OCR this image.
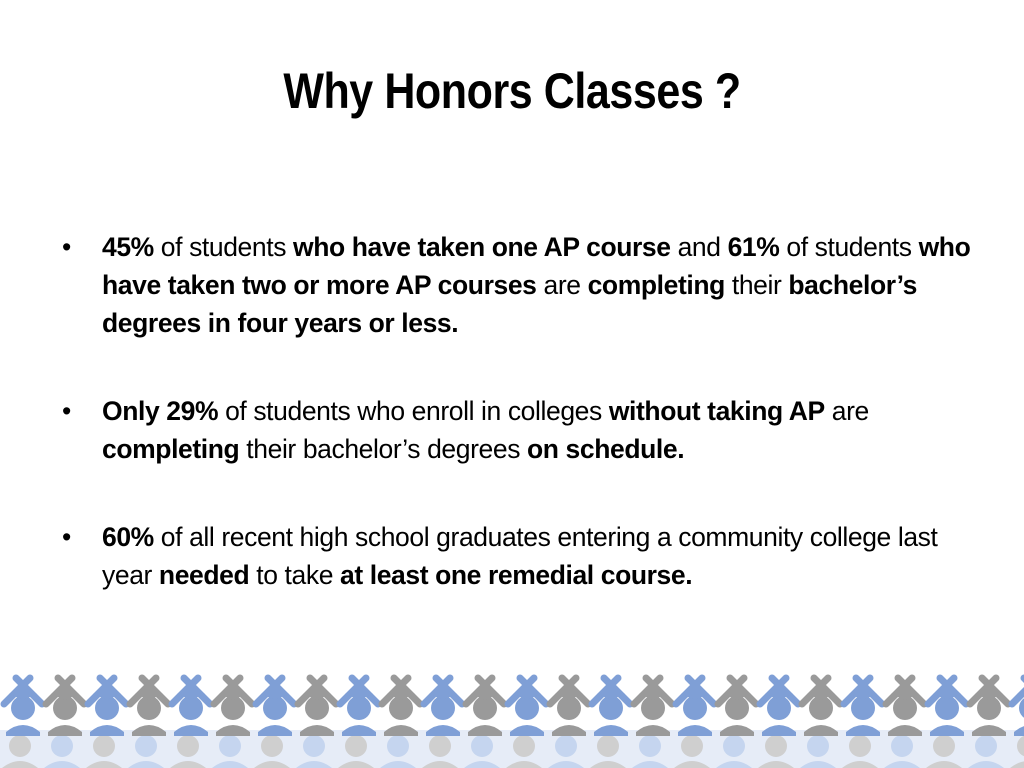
Why Honors Classes ?
• 45% of students who have taken one AP course and 61% of students who have taken two or more AP courses are completing their bachelor’s degrees in four years or less.
• Only 29% of students who enroll in colleges without taking AP are completing their bachelor’s degrees on schedule.
• 60% of all recent high school graduates entering a community college last year needed to take at least one remedial course.
